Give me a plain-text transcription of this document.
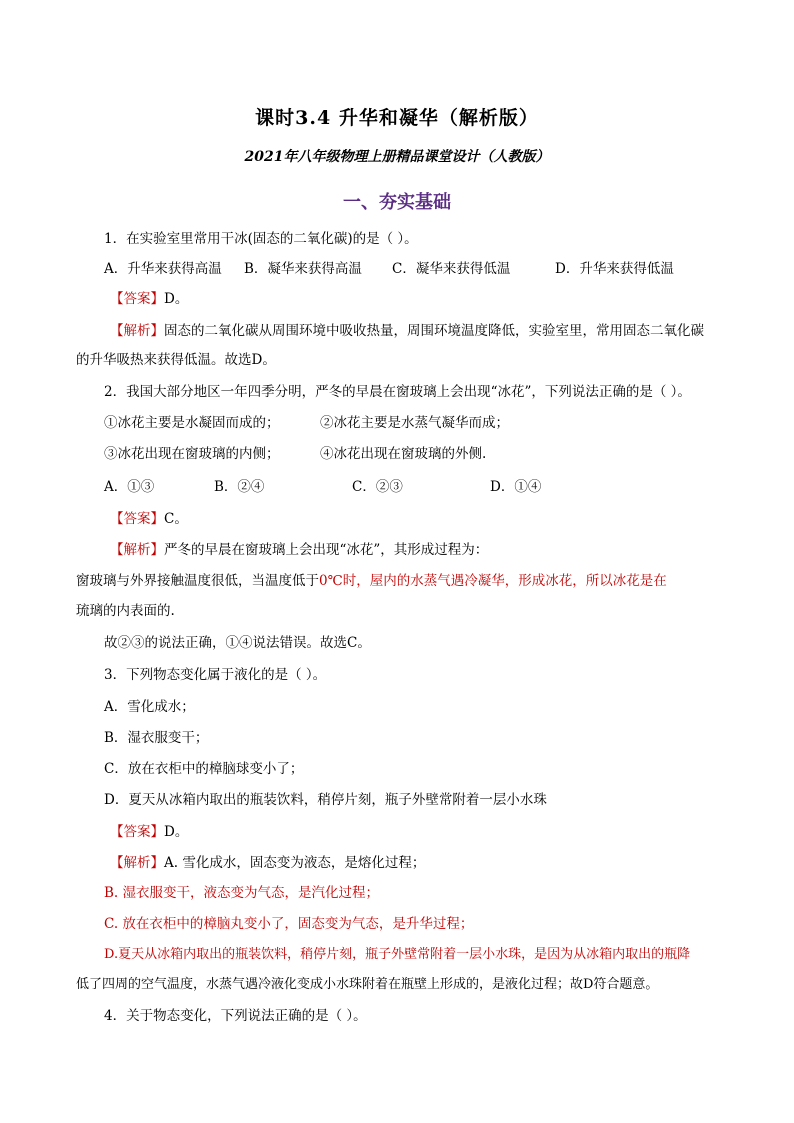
课时3.4 升华和凝华（解析版）
2021年八年级物理上册精品课堂设计（人教版）
一、夯实基础
1．在实验室里常用干冰(固态的二氧化碳)的是（ ）。
A．升华来获得高温 B．凝华来获得高温 C．凝华来获得低温	D．升华来获得低温
【答案】D。
【解析】固态的二氧化碳从周围环境中吸收热量，周围环境温度降低，实验室里，常用固态二氧化碳
的升华吸热来获得低温。故选D。
2．我国大部分地区一年四季分明，严冬的早晨在窗玻璃上会出现“冰花”，下列说法正确的是（ ）。
①冰花主要是水凝固而成的；	②冰花主要是水蒸气凝华而成；
③冰花出现在窗玻璃的内侧；	④冰花出现在窗玻璃的外侧.
A．①③	B．②④	C．②③	D．①④
【答案】C。
【解析】严冬的早晨在窗玻璃上会出现“冰花”，其形成过程为：
窗玻璃与外界接触温度很低，当温度低于0℃时，屋内的水蒸气遇冷凝华，形成冰花，所以冰花是在
琉璃的内表面的.
故②③的说法正确，①④说法错误。故选C。
3．下列物态变化属于液化的是（ ）。
A．雪化成水；
B．湿衣服变干；
C．放在衣柜中的樟脑球变小了；
D．夏天从冰箱内取出的瓶装饮料，稍停片刻，瓶子外壁常附着一层小水珠
【答案】D。
【解析】A. 雪化成水，固态变为液态，是熔化过程；
B. 湿衣服变干，液态变为气态，是汽化过程；
C. 放在衣柜中的樟脑丸变小了，固态变为气态，是升华过程；
D.夏天从冰箱内取出的瓶装饮料，稍停片刻，瓶子外壁常附着一层小水珠，是因为从冰箱内取出的瓶降
低了四周的空气温度，水蒸气遇冷液化变成小水珠附着在瓶壁上形成的，是液化过程；故D符合题意。
4．关于物态变化，下列说法正确的是（ ）。
